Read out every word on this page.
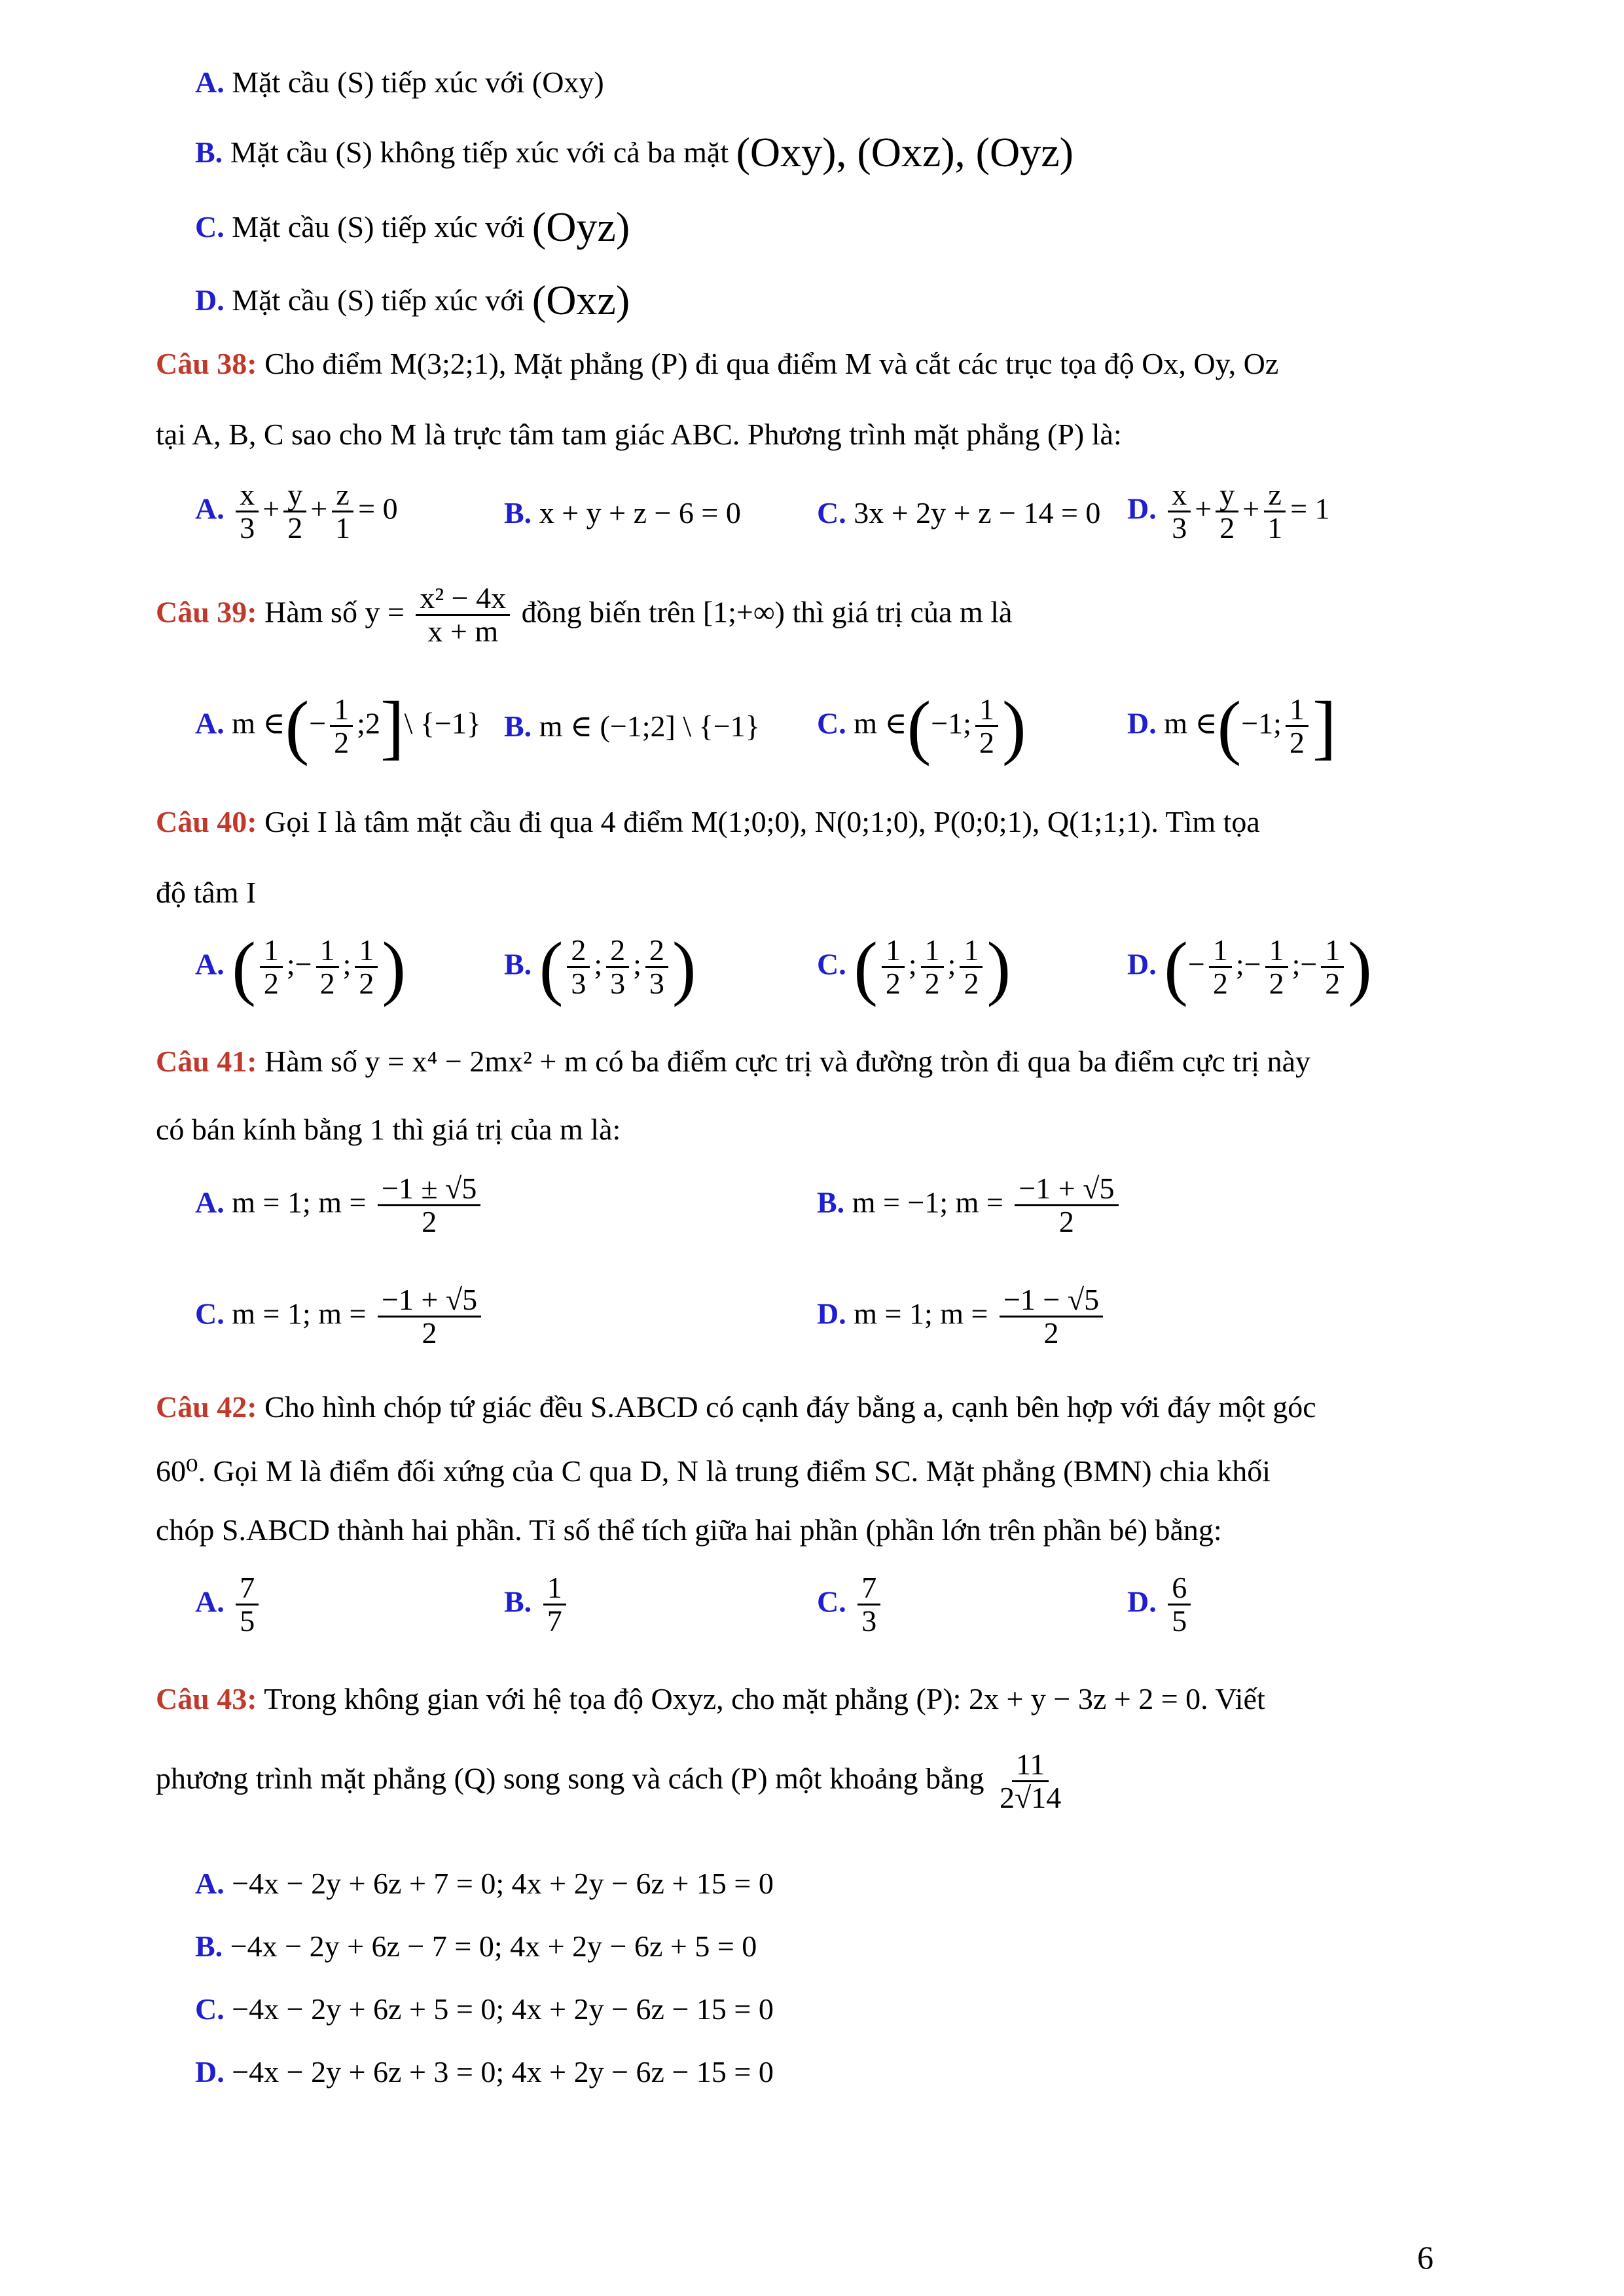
A. Mặt cầu (S) tiếp xúc với (Oxy)
B. Mặt cầu (S) không tiếp xúc với cả ba mặt (Oxy), (Oxz), (Oyz)
C. Mặt cầu (S) tiếp xúc với (Oyz)
D. Mặt cầu (S) tiếp xúc với (Oxz)
Câu 38: Cho điểm M(3;2;1), Mặt phẳng (P) đi qua điểm M và cắt các trục tọa độ Ox, Oy, Oz
tại A, B, C sao cho M là trực tâm tam giác ABC. Phương trình mặt phẳng (P) là:
A. $\frac{x}{3} + \frac{y}{2} + \frac{z}{1} = 0$	B. x + y + z − 6 = 0	C. 3x + 2y + z − 14 = 0 D. $\frac{x}{3} + \frac{y}{2} + \frac{z}{1} = 1$
Câu 39: Hàm số $y = \frac{\text{x² − 4x}}{x + m}$ đồng biến trên [1;+∞) thì giá trị của m là
A. m ∈(− $\frac{1}{2}$ ;2]\ {−1} B. m ∈ (−1;2] \ {−1} C. m ∈(−1; $\frac{1}{2}$ )	D. m ∈(−1; $\frac{1}{2}$ ]
Câu 40: Gọi I là tâm mặt cầu đi qua 4 điểm M(1;0;0), N(0;1;0), P(0;0;1), Q(1;1;1). Tìm tọa
độ tâm I
A. ( $\frac{1}{2}$ ;− $\frac{1}{2}$ ; $\frac{1}{2}$ )	B. ( $\frac{2}{3}$ ; $\frac{2}{3}$ ; $\frac{2}{3}$ )	C. ( $\frac{1}{2}$ ; $\frac{1}{2}$ ; $\frac{1}{2}$ )	D. (− $\frac{1}{2}$ ;− $\frac{1}{2}$ ;− $\frac{1}{2}$ )
Câu 41: Hàm số y = x⁴ − 2mx² + m có ba điểm cực trị và đường tròn đi qua ba điểm cực trị này
có bán kính bằng 1 thì giá trị của m là:
A. m = 1; $m = \frac{-1 \pm √5}{2}$	B. m = −1; $m = \frac{-1 + √5}{2}$
C. m = 1; $m = \frac{-1 + √5}{2}$	D. m = 1; $m = \frac{-1 - √5}{2}$
Câu 42: Cho hình chóp tứ giác đều S.ABCD có cạnh đáy bằng a, cạnh bên hợp với đáy một góc
60⁰. Gọi M là điểm đối xứng của C qua D, N là trung điểm SC. Mặt phẳng (BMN) chia khối
chóp S.ABCD thành hai phần. Tỉ số thể tích giữa hai phần (phần lớn trên phần bé) bằng:
A. $\frac{7}{5}$	B. $\frac{1}{7}$	C. $\frac{7}{3}$	D. $\frac{6}{5}$
Câu 43: Trong không gian với hệ tọa độ Oxyz, cho mặt phẳng (P): 2x + y − 3z + 2 = 0. Viết
phương trình mặt phẳng (Q) song song và cách (P) một khoảng bằng $\frac{11}{2√14}$
A. −4x − 2y + 6z + 7 = 0; 4x + 2y − 6z + 15 = 0
B. −4x − 2y + 6z − 7 = 0; 4x + 2y − 6z + 5 = 0
C. −4x − 2y + 6z + 5 = 0; 4x + 2y − 6z − 15 = 0
D. −4x − 2y + 6z + 3 = 0; 4x + 2y − 6z − 15 = 0
6
